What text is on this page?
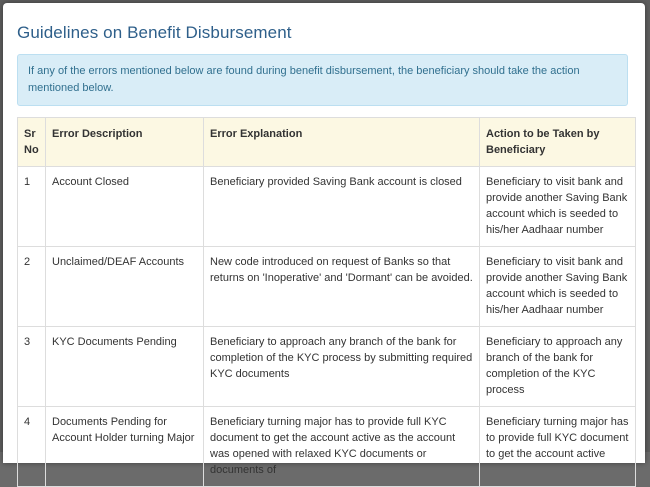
Guidelines on Benefit Disbursement
If any of the errors mentioned below are found during benefit disbursement, the beneficiary should take the action mentioned below.
Sr No	Error Description	Error Explanation	Action to be Taken by Beneficiary
1	Account Closed	Beneficiary provided Saving Bank account is closed	Beneficiary to visit bank and provide another Saving Bank account which is seeded to his/her Aadhaar number
2	Unclaimed/DEAF Accounts	New code introduced on request of Banks so that returns on 'Inoperative' and 'Dormant' can be avoided.	Beneficiary to visit bank and provide another Saving Bank account which is seeded to his/her Aadhaar number
3	KYC Documents Pending	Beneficiary to approach any branch of the bank for completion of the KYC process by submitting required KYC documents	Beneficiary to approach any branch of the bank for completion of the KYC process
4	Documents Pending for Account Holder turning Major	Beneficiary turning major has to provide full KYC document to get the account active as the account was opened with relaxed KYC documents or documents of	Beneficiary turning major has to provide full KYC document to get the account active
